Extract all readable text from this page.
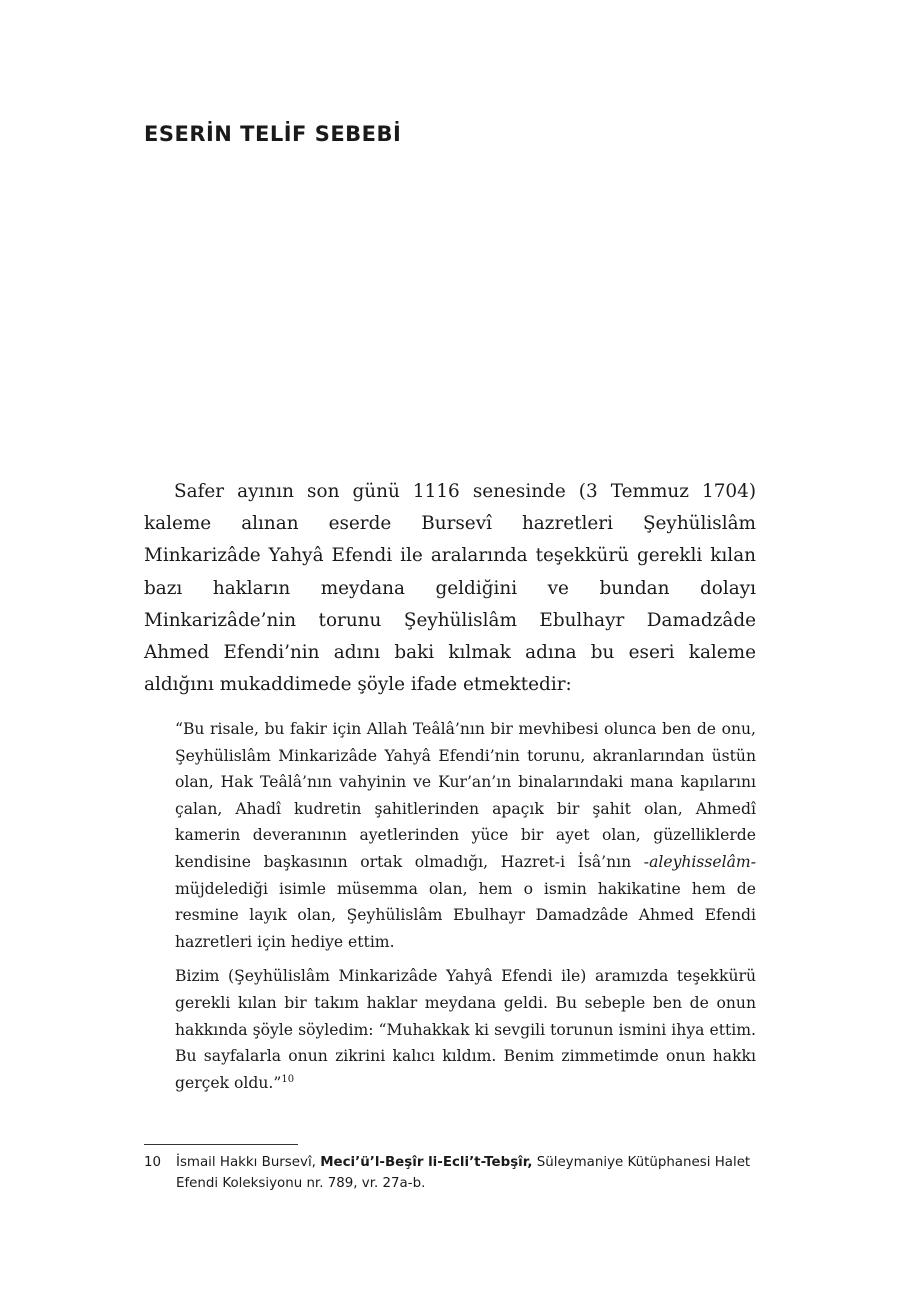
ESERİN TELİF SEBEBİ

Safer ayının son günü 1116 senesinde (3 Temmuz 1704) kaleme alınan eserde Bursevî hazretleri Şeyhülislâm Minkarizâde Yahyâ Efendi ile aralarında teşekkürü gerekli kılan bazı hakların meydana geldiğini ve bundan dolayı Minkarizâde’nin torunu Şeyhülislâm Ebulhayr Damadzâde Ahmed Efendi’nin adını baki kılmak adına bu eseri kaleme aldığını mukaddimede şöyle ifade etmektedir:

“Bu risale, bu fakir için Allah Teâlâ’nın bir mevhibesi olunca ben de onu, Şeyhülislâm Minkarizâde Yahyâ Efendi’nin torunu, akranlarından üstün olan, Hak Teâlâ’nın vahyinin ve Kur’an’ın binalarındaki mana kapılarını çalan, Ahadî kudretin şahitlerinden apaçık bir şahit olan, Ahmedî kamerin deveranının ayetlerinden yüce bir ayet olan, güzelliklerde kendisine başkasının ortak olmadığı, Hazret-i İsâ’nın -aleyhisselâm- müjdelediği isimle müsemma olan, hem o ismin hakikatine hem de resmine layık olan, Şeyhülislâm Ebulhayr Damadzâde Ahmed Efendi hazretleri için hediye ettim.

Bizim (Şeyhülislâm Minkarizâde Yahyâ Efendi ile) aramızda teşekkürü gerekli kılan bir takım haklar meydana geldi. Bu sebeple ben de onun hakkında şöyle söyledim: “Muhakkak ki sevgili torunun ismini ihya ettim. Bu sayfalarla onun zikrini kalıcı kıldım. Benim zimmetimde onun hakkı gerçek oldu.”$^{10}$

10	İsmail Hakkı Bursevî, Meci’ü’l-Beşîr li-Ecli’t-Tebşîr, Süleymaniye Kütüphanesi Halet Efendi Koleksiyonu nr. 789, vr. 27a-b.
